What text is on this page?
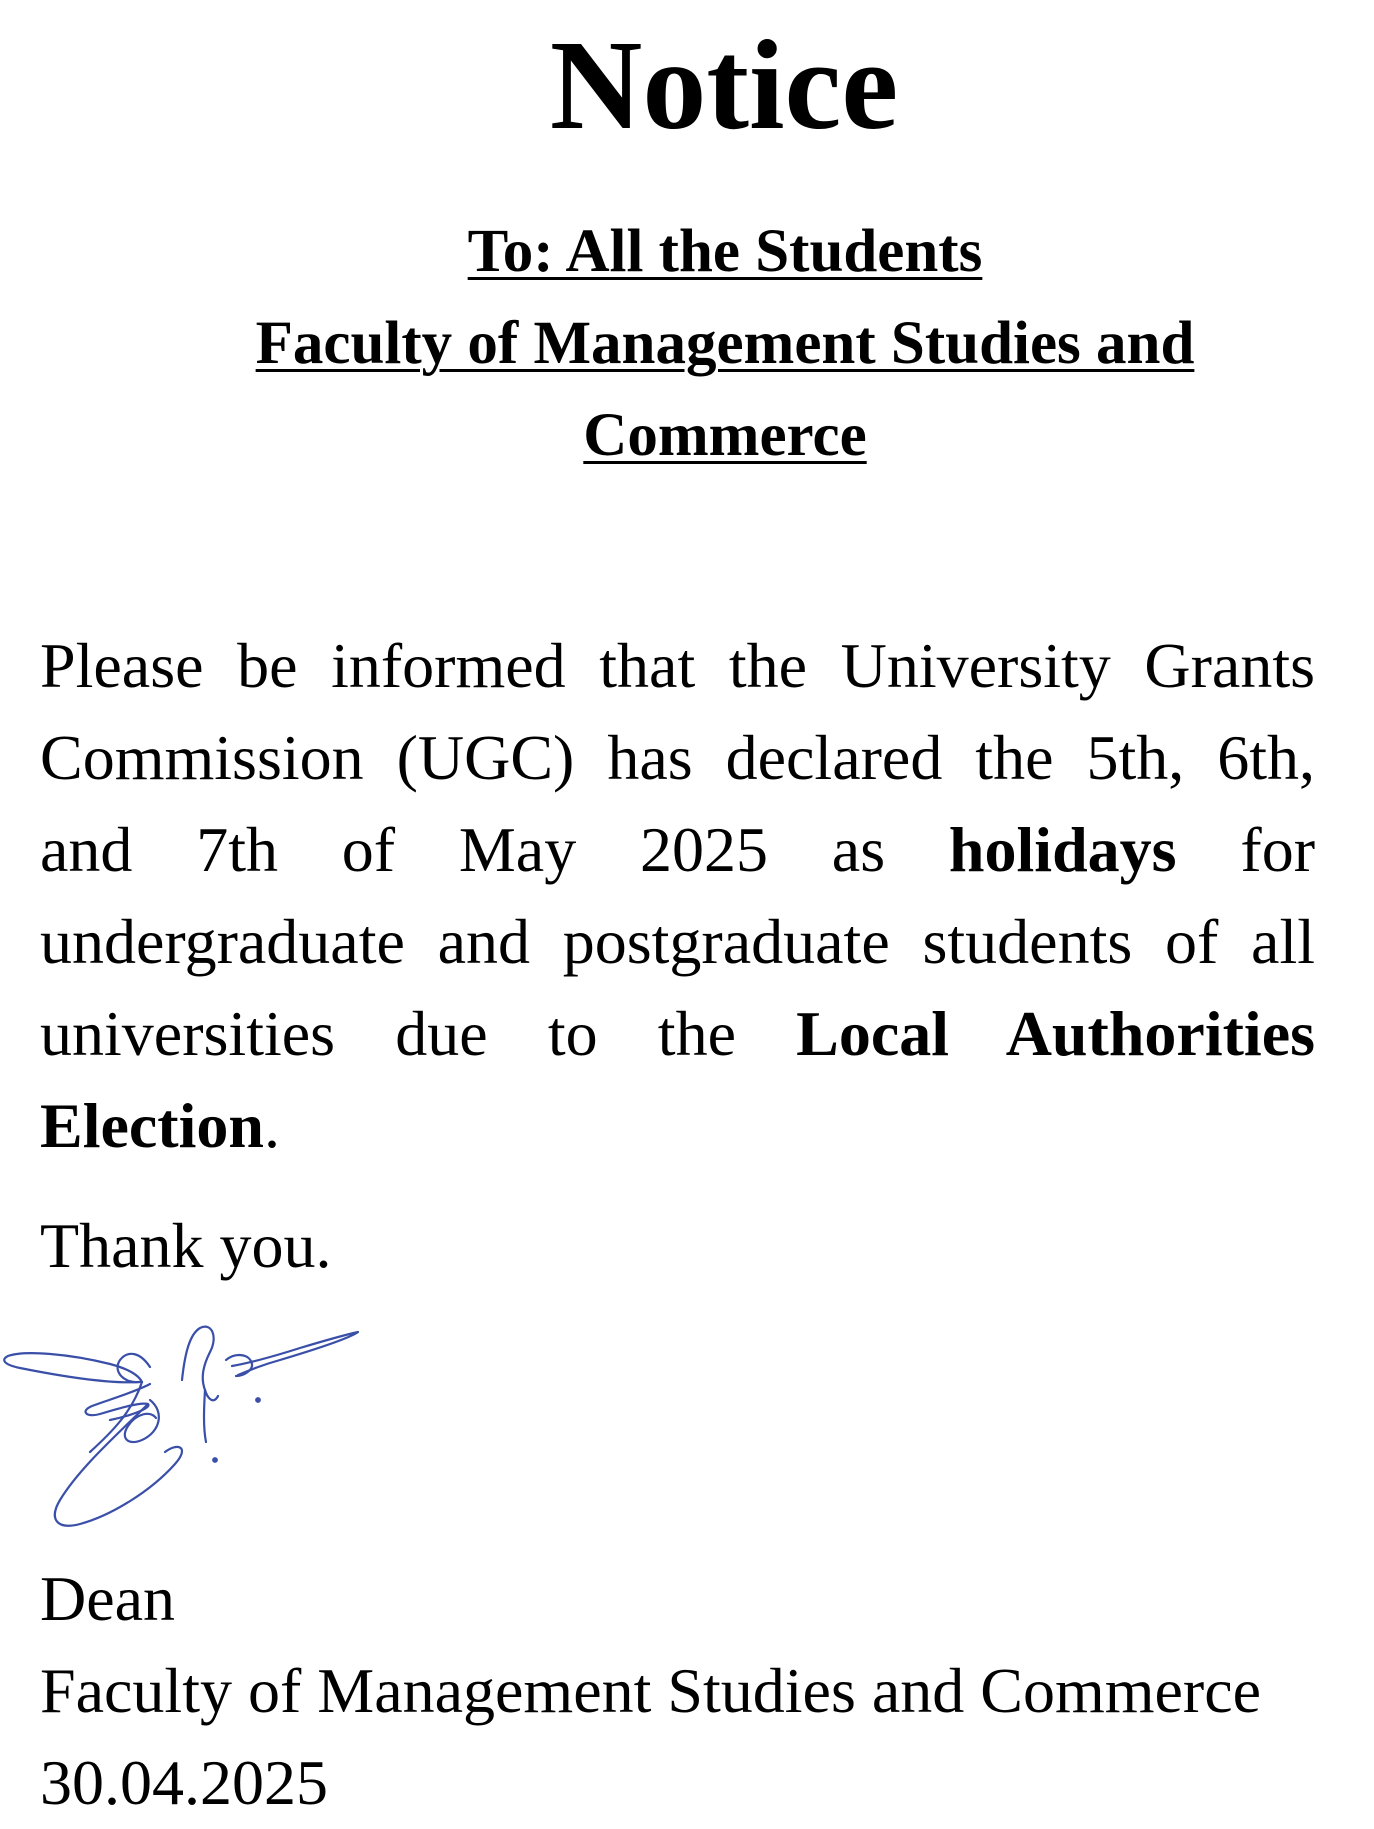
Notice
To: All the Students
Faculty of Management Studies and
Commerce

Please be informed that the University Grants Commission (UGC) has declared the 5th, 6th, and 7th of May 2025 as holidays for undergraduate and postgraduate students of all universities due to the Local Authorities Election.

Thank you.

Dean
Faculty of Management Studies and Commerce
30.04.2025
